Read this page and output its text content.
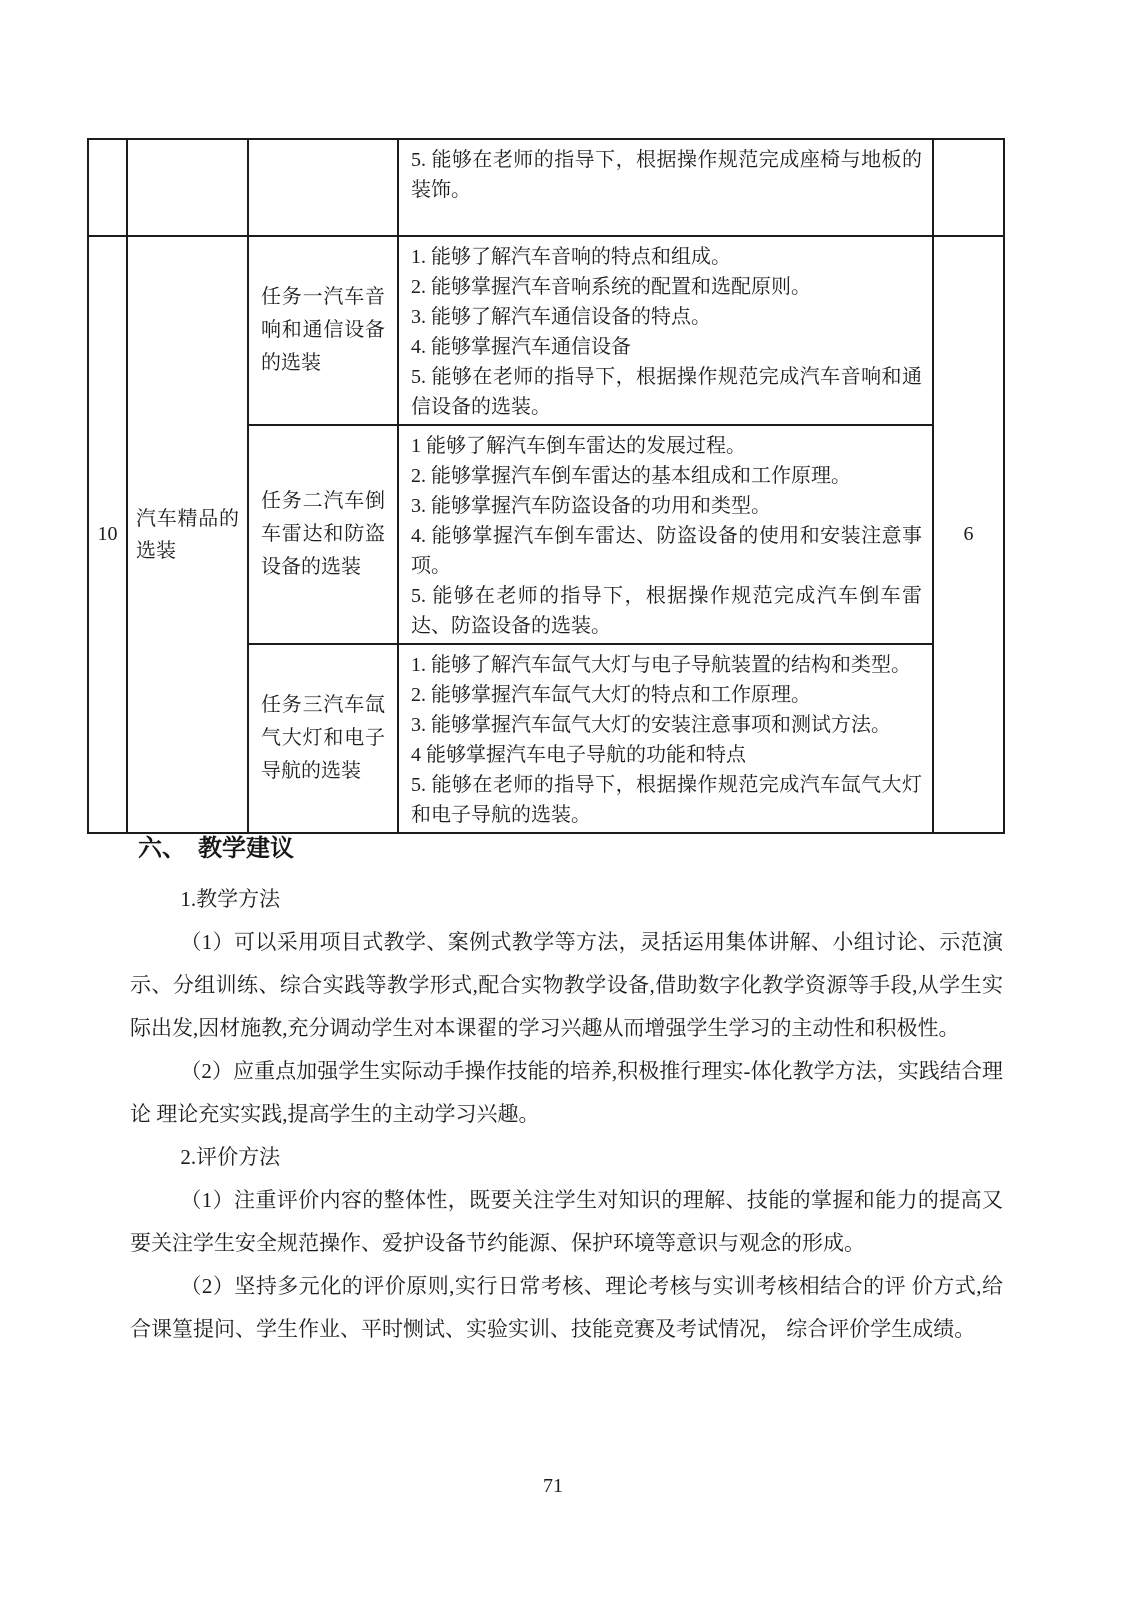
			5. 能够在老师的指导下，根据操作规范完成座椅与地板的装饰。	

10	汽车精品的选装	任务一汽车音响和通信设备的选装	1. 能够了解汽车音响的特点和组成。
2. 能够掌握汽车音响系统的配置和选配原则。
3. 能够了解汽车通信设备的特点。
4. 能够掌握汽车通信设备
5. 能够在老师的指导下，根据操作规范完成汽车音响和通信设备的选装。	6
		任务二汽车倒车雷达和防盗设备的选装	1 能够了解汽车倒车雷达的发展过程。
2. 能够掌握汽车倒车雷达的基本组成和工作原理。
3. 能够掌握汽车防盗设备的功用和类型。
4. 能够掌握汽车倒车雷达、防盗设备的使用和安装注意事项。
5. 能够在老师的指导下，根据操作规范完成汽车倒车雷达、防盗设备的选装。	

		任务三汽车氙气大灯和电子导航的选装	1. 能够了解汽车氙气大灯与电子导航装置的结构和类型。
2. 能够掌握汽车氙气大灯的特点和工作原理。
3. 能够掌握汽车氙气大灯的安装注意事项和测试方法。
4 能够掌握汽车电子导航的功能和特点
5. 能够在老师的指导下，根据操作规范完成汽车氙气大灯和电子导航的选装。	
六、　教学建议

1.教学方法

（1）可以采用项目式教学、案例式教学等方法，灵括运用集体讲解、小组讨论、示范演示、分组训练、综合实践等教学形式,配合实物教学设备,借助数字化教学资源等手段,从学生实际出发,因材施教,充分调动学生对本课翟的学习兴趣从而增强学生学习的主动性和积极性。

（2）应重点加强学生实际动手操作技能的培养,积极推行理实-体化教学方法，实践结合理论 理论充实实践,提高学生的主动学习兴趣。

2.评价方法

（1）注重评价内容的整体性，既要关注学生对知识的理解、技能的掌握和能力的提高又要关注学生安全规范操作、爱护设备节约能源、保护环境等意识与观念的形成。

（2）坚持多元化的评价原则,实行日常考核、理论考核与实训考核相结合的评 价方式,给合课篁提问、学生作业、平时恻试、实验实训、技能竞赛及考试情况， 综合评价学生成绩。

71
